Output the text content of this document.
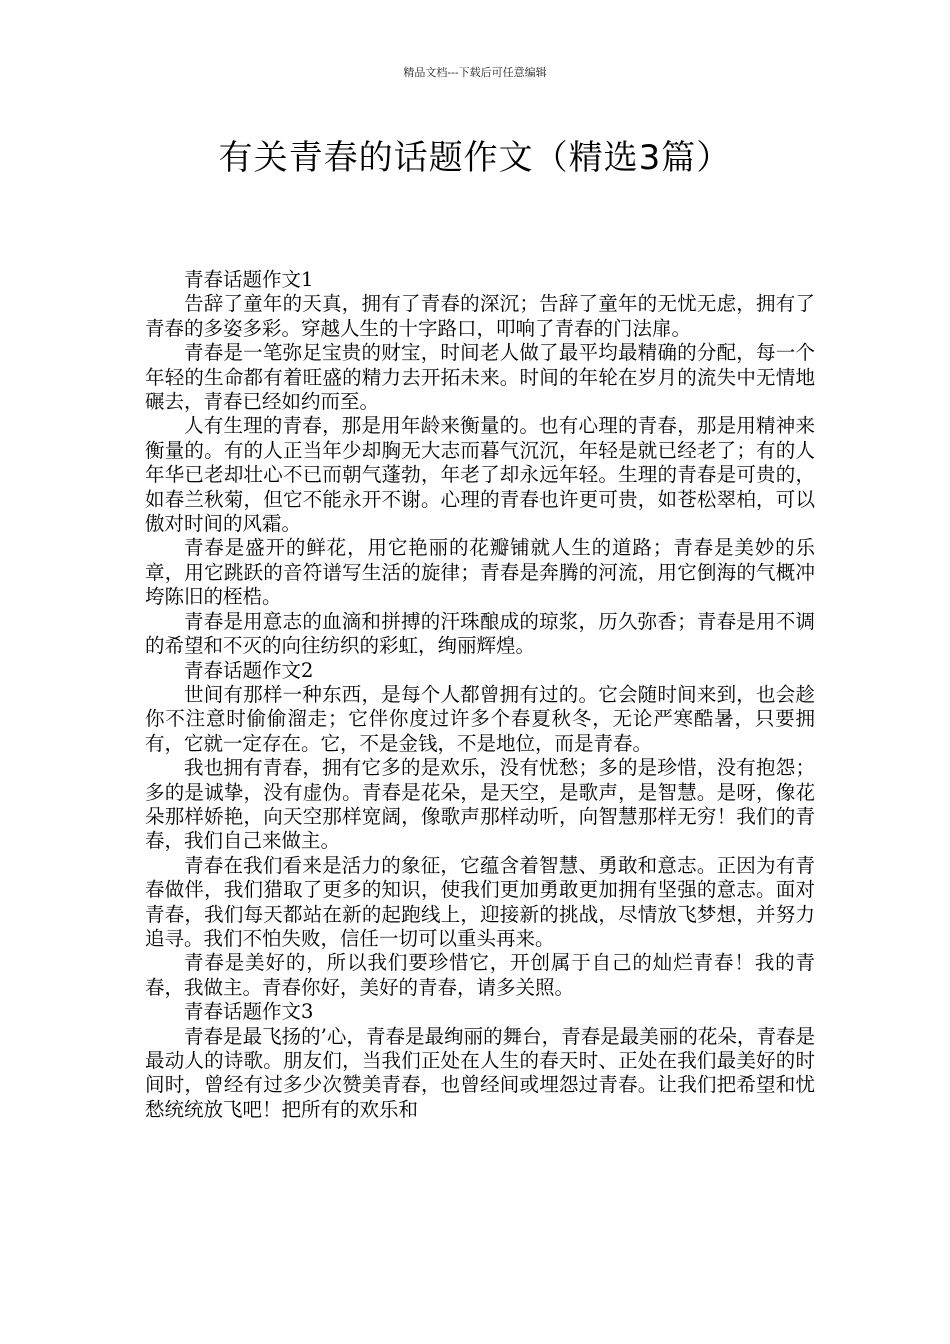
精品文档---下载后可任意编辑
有关青春的话题作文（精选3篇）
青春话题作文1

告辞了童年的天真，拥有了青春的深沉；告辞了童年的无忧无虑，拥有了青春的多姿多彩。穿越人生的十字路口，叩响了青春的门法扉。

青春是一笔弥足宝贵的财宝，时间老人做了最平均最精确的分配，每一个年轻的生命都有着旺盛的精力去开拓未来。时间的年轮在岁月的流失中无情地碾去，青春已经如约而至。

人有生理的青春，那是用年龄来衡量的。也有心理的青春，那是用精神来衡量的。有的人正当年少却胸无大志而暮气沉沉，年轻是就已经老了；有的人年华已老却壮心不已而朝气蓬勃，年老了却永远年轻。生理的青春是可贵的，如春兰秋菊，但它不能永开不谢。心理的青春也许更可贵，如苍松翠柏，可以傲对时间的风霜。

青春是盛开的鲜花，用它艳丽的花瓣铺就人生的道路；青春是美妙的乐章，用它跳跃的音符谱写生活的旋律；青春是奔腾的河流，用它倒海的气概冲垮陈旧的桎梏。

青春是用意志的血滴和拼搏的汗珠酿成的琼浆，历久弥香；青春是用不调的希望和不灭的向往纺织的彩虹，绚丽辉煌。

青春话题作文2

世间有那样一种东西，是每个人都曾拥有过的。它会随时间来到，也会趁你不注意时偷偷溜走；它伴你度过许多个春夏秋冬，无论严寒酷暑，只要拥有，它就一定存在。它，不是金钱，不是地位，而是青春。

我也拥有青春，拥有它多的是欢乐，没有忧愁；多的是珍惜，没有抱怨；多的是诚挚，没有虚伪。青春是花朵，是天空，是歌声，是智慧。是呀，像花朵那样娇艳，向天空那样宽阔，像歌声那样动听，向智慧那样无穷！我们的青春，我们自己来做主。

青春在我们看来是活力的象征，它蕴含着智慧、勇敢和意志。正因为有青春做伴，我们猎取了更多的知识，使我们更加勇敢更加拥有坚强的意志。面对青春，我们每天都站在新的起跑线上，迎接新的挑战，尽情放飞梦想，并努力追寻。我们不怕失败，信任一切可以重头再来。

青春是美好的，所以我们要珍惜它，开创属于自己的灿烂青春！我的青春，我做主。青春你好，美好的青春，请多关照。

青春话题作文3

青春是最飞扬的’心，青春是最绚丽的舞台，青春是最美丽的花朵，青春是最动人的诗歌。朋友们，当我们正处在人生的春天时、正处在我们最美好的时间时，曾经有过多少次赞美青春，也曾经间或埋怨过青春。让我们把希望和忧愁统统放飞吧！把所有的欢乐和
